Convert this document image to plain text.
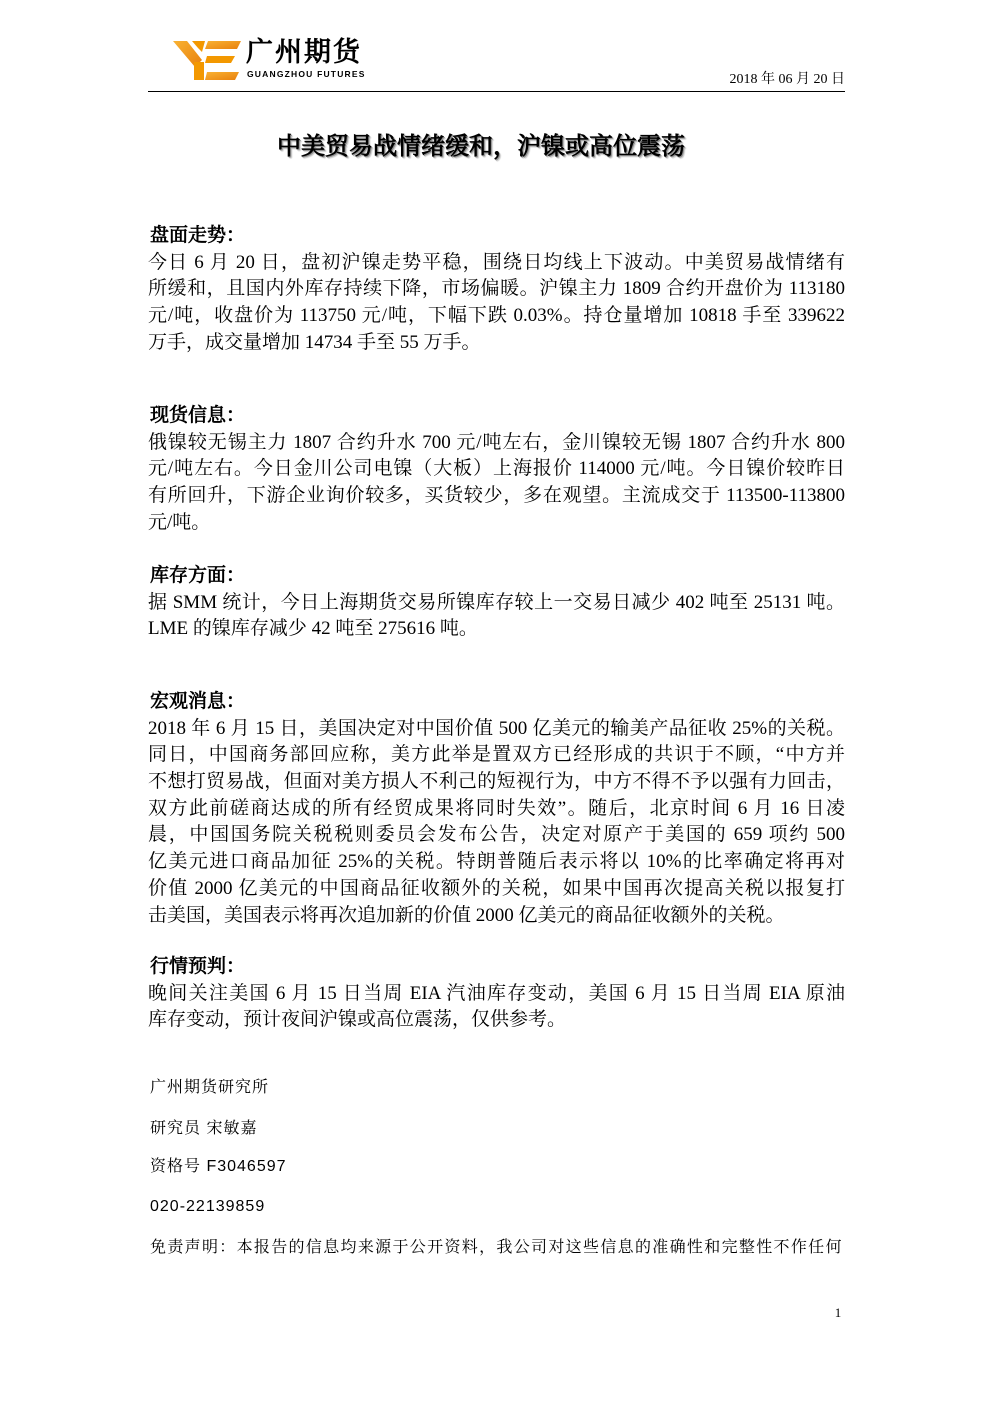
广州期货
GUANGZHOU FUTURES	2018 年 06 月 20 日
中美贸易战情绪缓和，沪镍或高位震荡
盘面走势：
今日 6 月 20 日，盘初沪镍走势平稳，围绕日均线上下波动。中美贸易战情绪有
所缓和，且国内外库存持续下降，市场偏暖。沪镍主力 1809 合约开盘价为 113180
元/吨，收盘价为 113750 元/吨，下幅下跌 0.03%。持仓量增加 10818 手至 339622
万手，成交量增加 14734 手至 55 万手。
现货信息：
俄镍较无锡主力 1807 合约升水 700 元/吨左右，金川镍较无锡 1807 合约升水 800
元/吨左右。今日金川公司电镍（大板）上海报价 114000 元/吨。今日镍价较昨日
有所回升，下游企业询价较多，买货较少，多在观望。主流成交于 113500-113800
元/吨。
库存方面：
据 SMM 统计，今日上海期货交易所镍库存较上一交易日减少 402 吨至 25131 吨。
LME 的镍库存减少 42 吨至 275616 吨。
宏观消息：
2018 年 6 月 15 日，美国决定对中国价值 500 亿美元的输美产品征收 25%的关税。
同日，中国商务部回应称，美方此举是置双方已经形成的共识于不顾，“中方并
不想打贸易战，但面对美方损人不利己的短视行为，中方不得不予以强有力回击，
双方此前磋商达成的所有经贸成果将同时失效”。随后，北京时间 6 月 16 日凌
晨，中国国务院关税税则委员会发布公告，决定对原产于美国的 659 项约 500
亿美元进口商品加征 25%的关税。特朗普随后表示将以 10%的比率确定将再对
价值 2000 亿美元的中国商品征收额外的关税，如果中国再次提高关税以报复打
击美国，美国表示将再次追加新的价值 2000 亿美元的商品征收额外的关税。
行情预判：
晚间关注美国 6 月 15 日当周 EIA 汽油库存变动，美国 6 月 15 日当周 EIA 原油
库存变动，预计夜间沪镍或高位震荡，仅供参考。
广州期货研究所
研究员 宋敏嘉
资格号 F3046597
020-22139859
免责声明：本报告的信息均来源于公开资料，我公司对这些信息的准确性和完整性不作任何
1
